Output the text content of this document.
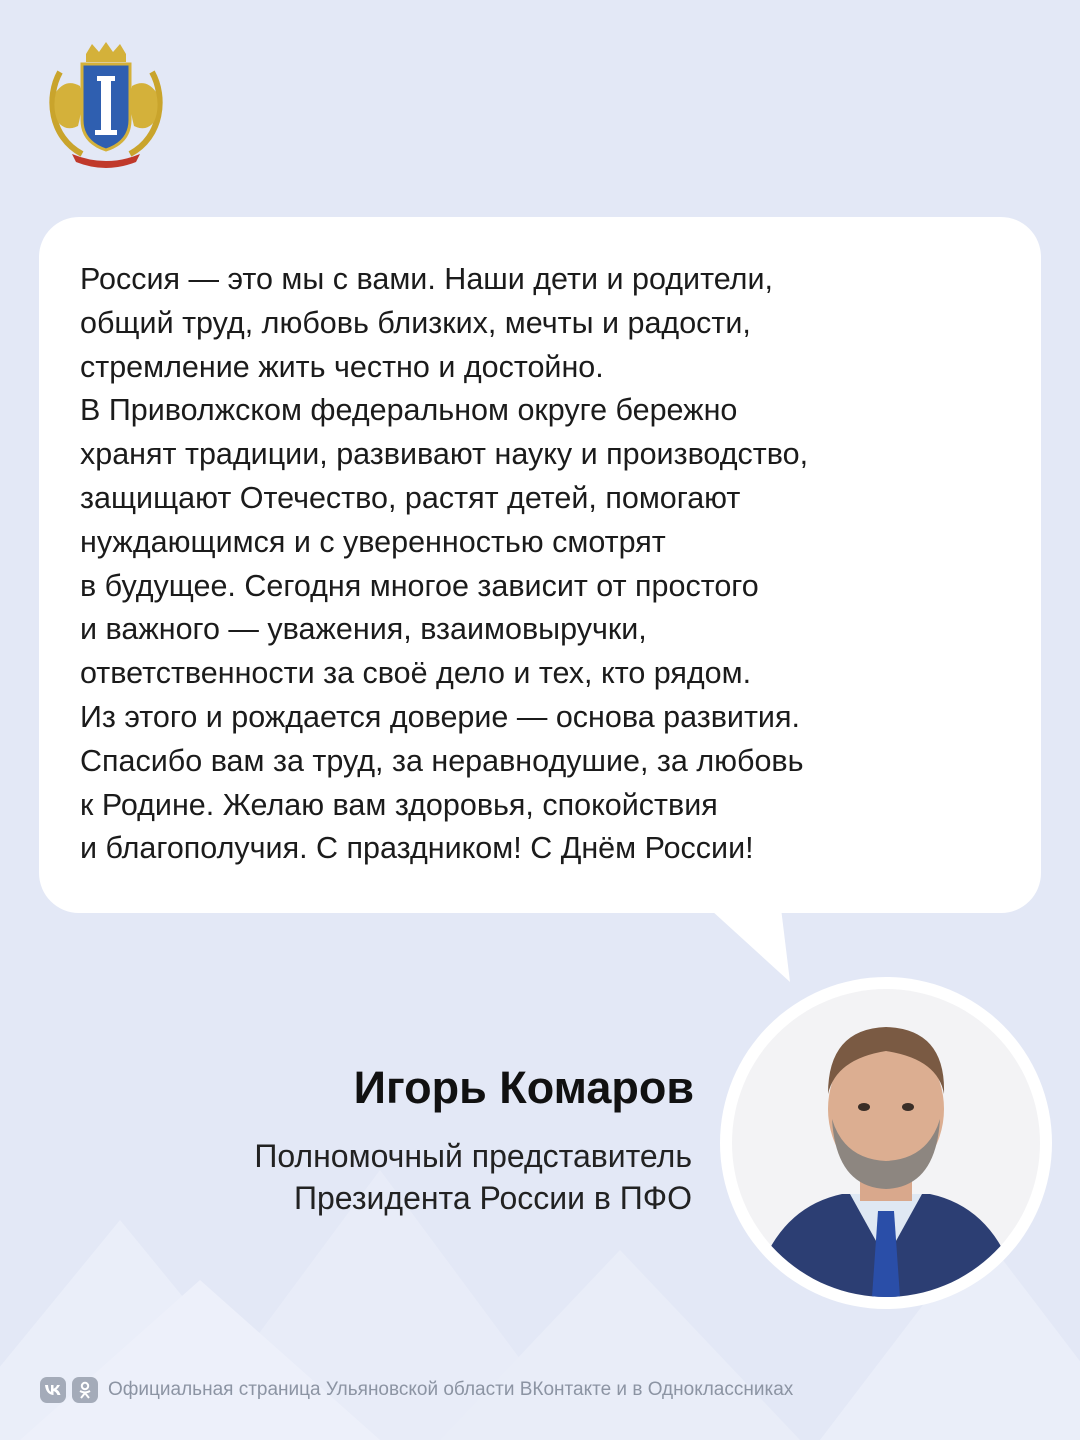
Россия — это мы с вами. Наши дети и родители,
общий труд, любовь близких, мечты и радости,
стремление жить честно и достойно.
В Приволжском федеральном округе бережно
хранят традиции, развивают науку и производство,
защищают Отечество, растят детей, помогают
нуждающимся и с уверенностью смотрят
в будущее. Сегодня многое зависит от простого
и важного — уважения, взаимовыручки,
ответственности за своё дело и тех, кто рядом.
Из этого и рождается доверие — основа развития.
Спасибо вам за труд, за неравнодушие, за любовь
к Родине. Желаю вам здоровья, спокойствия
и благополучия. С праздником! С Днём России!
Игорь Комаров
Полномочный представитель
Президента России в ПФО
Официальная страница Ульяновской области ВКонтакте и в Одноклассниках
